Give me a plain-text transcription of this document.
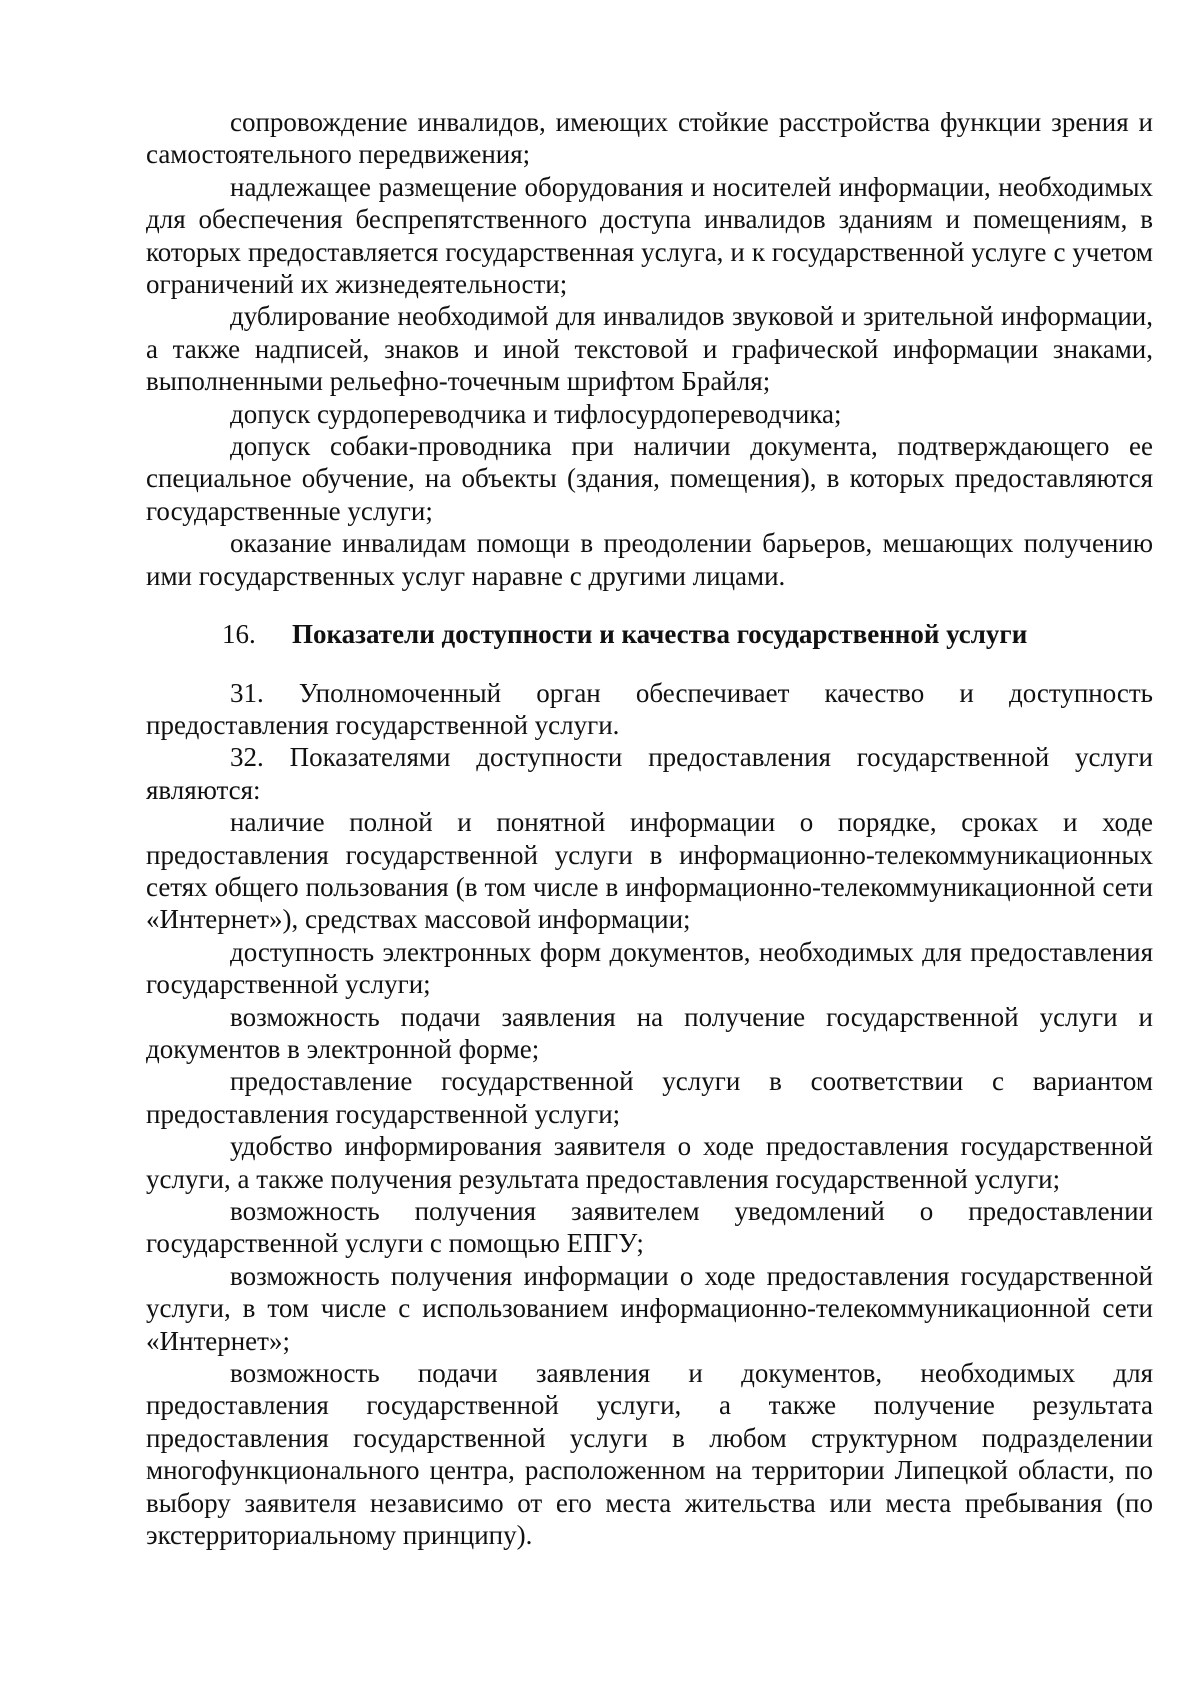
сопровождение инвалидов, имеющих стойкие расстройства функции зрения и самостоятельного передвижения;

надлежащее размещение оборудования и носителей информации, необходимых для обеспечения беспрепятственного доступа инвалидов зданиям и помещениям, в которых предоставляется государственная услуга, и к государственной услуге с учетом ограничений их жизнедеятельности;

дублирование необходимой для инвалидов звуковой и зрительной информации, а также надписей, знаков и иной текстовой и графической информации знаками, выполненными рельефно-точечным шрифтом Брайля;

допуск сурдопереводчика и тифлосурдопереводчика;

допуск собаки-проводника при наличии документа, подтверждающего ее специальное обучение, на объекты (здания, помещения), в которых предоставляются государственные услуги;

оказание инвалидам помощи в преодолении барьеров, мешающих получению ими государственных услуг наравне с другими лицами.

16. Показатели доступности и качества государственной услуги

31. Уполномоченный орган обеспечивает качество и доступность предоставления государственной услуги.

32. Показателями доступности предоставления государственной услуги являются:

наличие полной и понятной информации о порядке, сроках и ходе предоставления государственной услуги в информационно-телекоммуникационных сетях общего пользования (в том числе в информационно-телекоммуникационной сети «Интернет»), средствах массовой информации;

доступность электронных форм документов, необходимых для предоставления государственной услуги;

возможность подачи заявления на получение государственной услуги и документов в электронной форме;

предоставление государственной услуги в соответствии с вариантом предоставления государственной услуги;

удобство информирования заявителя о ходе предоставления государственной услуги, а также получения результата предоставления государственной услуги;

возможность получения заявителем уведомлений о предоставлении государственной услуги с помощью ЕПГУ;

возможность получения информации о ходе предоставления государственной услуги, в том числе с использованием информационно-телекоммуникационной сети «Интернет»;

возможность подачи заявления и документов, необходимых для предоставления государственной услуги, а также получение результата предоставления государственной услуги в любом структурном подразделении многофункционального центра, расположенном на территории Липецкой области, по выбору заявителя независимо от его места жительства или места пребывания (по экстерриториальному принципу).
